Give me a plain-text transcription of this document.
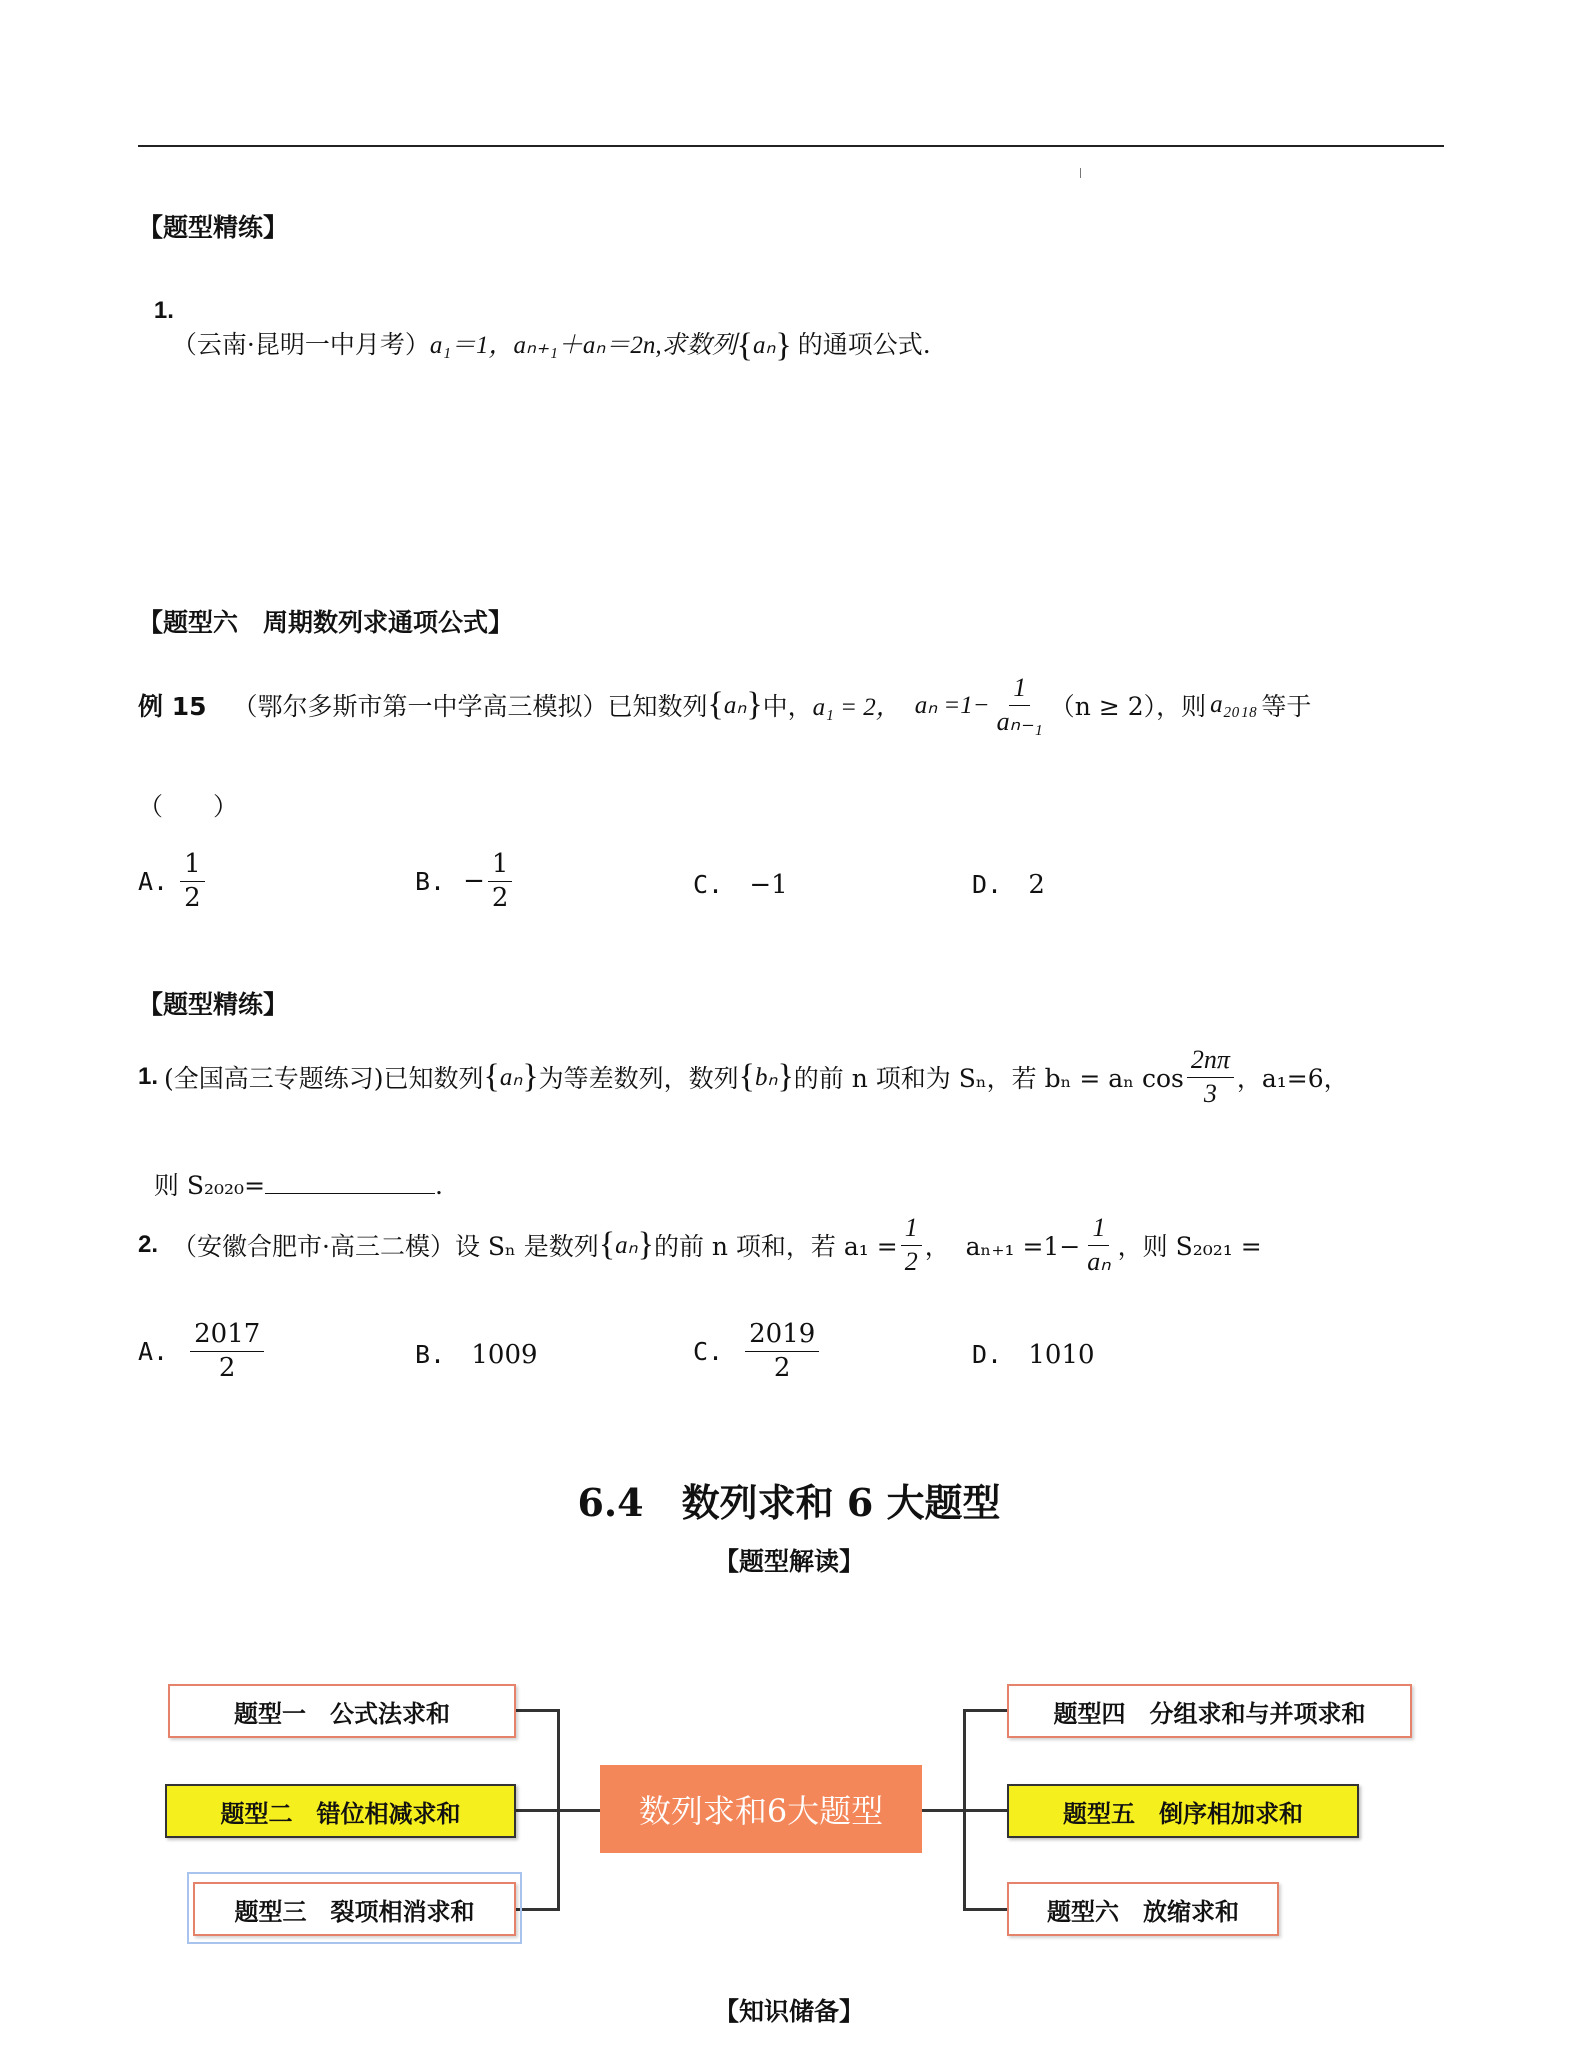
【题型精练】

1.
（云南·昆明一中月考）a₁＝1，aₙ₊₁＋aₙ＝2n,求数列{aₙ} 的通项公式.

【题型六　周期数列求通项公式】
例 15 （鄂尔多斯市第一中学高三模拟）已知数列 { aₙ } 中， a₁ = 2， $a_n =1- \frac{1}{\text{aₙ₋₁}} (n \ge 2)$，则 a₂₀₁₈ 等于
（　　）
A. $\frac{1}{2}$	B. − $\frac{1}{2}$	C. −1	D. 2
【题型精练】
1. (全国高三专题练习)已知数列 { aₙ } 为等差数列，数列 { bₙ } 的前 n 项和为 Sₙ，若 bₙ = aₙ $\cos \frac{2n\pi}{3}$ ，a₁=6，

则 S₂₀₂₀=	.

2. （安徽合肥市·高三二模）设 Sₙ 是数列 { aₙ } 的前 n 项和，若 $a_1 = \frac{1}{2}$ ，  $a_{n+1} =1- \frac{1}{\text{aₙ}}$ ，则 S₂₀₂₁ =
A. $\frac{2017}{2}$	B. 1009	C. $\frac{2019}{2}$	D. 1010
6.4　数列求和 6 大题型
【题型解读】
题型一　公式法求和
题型二　错位相减求和
题型三　裂项相消求和
数列求和6大题型
题型四　分组求和与并项求和
题型五　倒序相加求和
题型六　放缩求和
【知识储备】
